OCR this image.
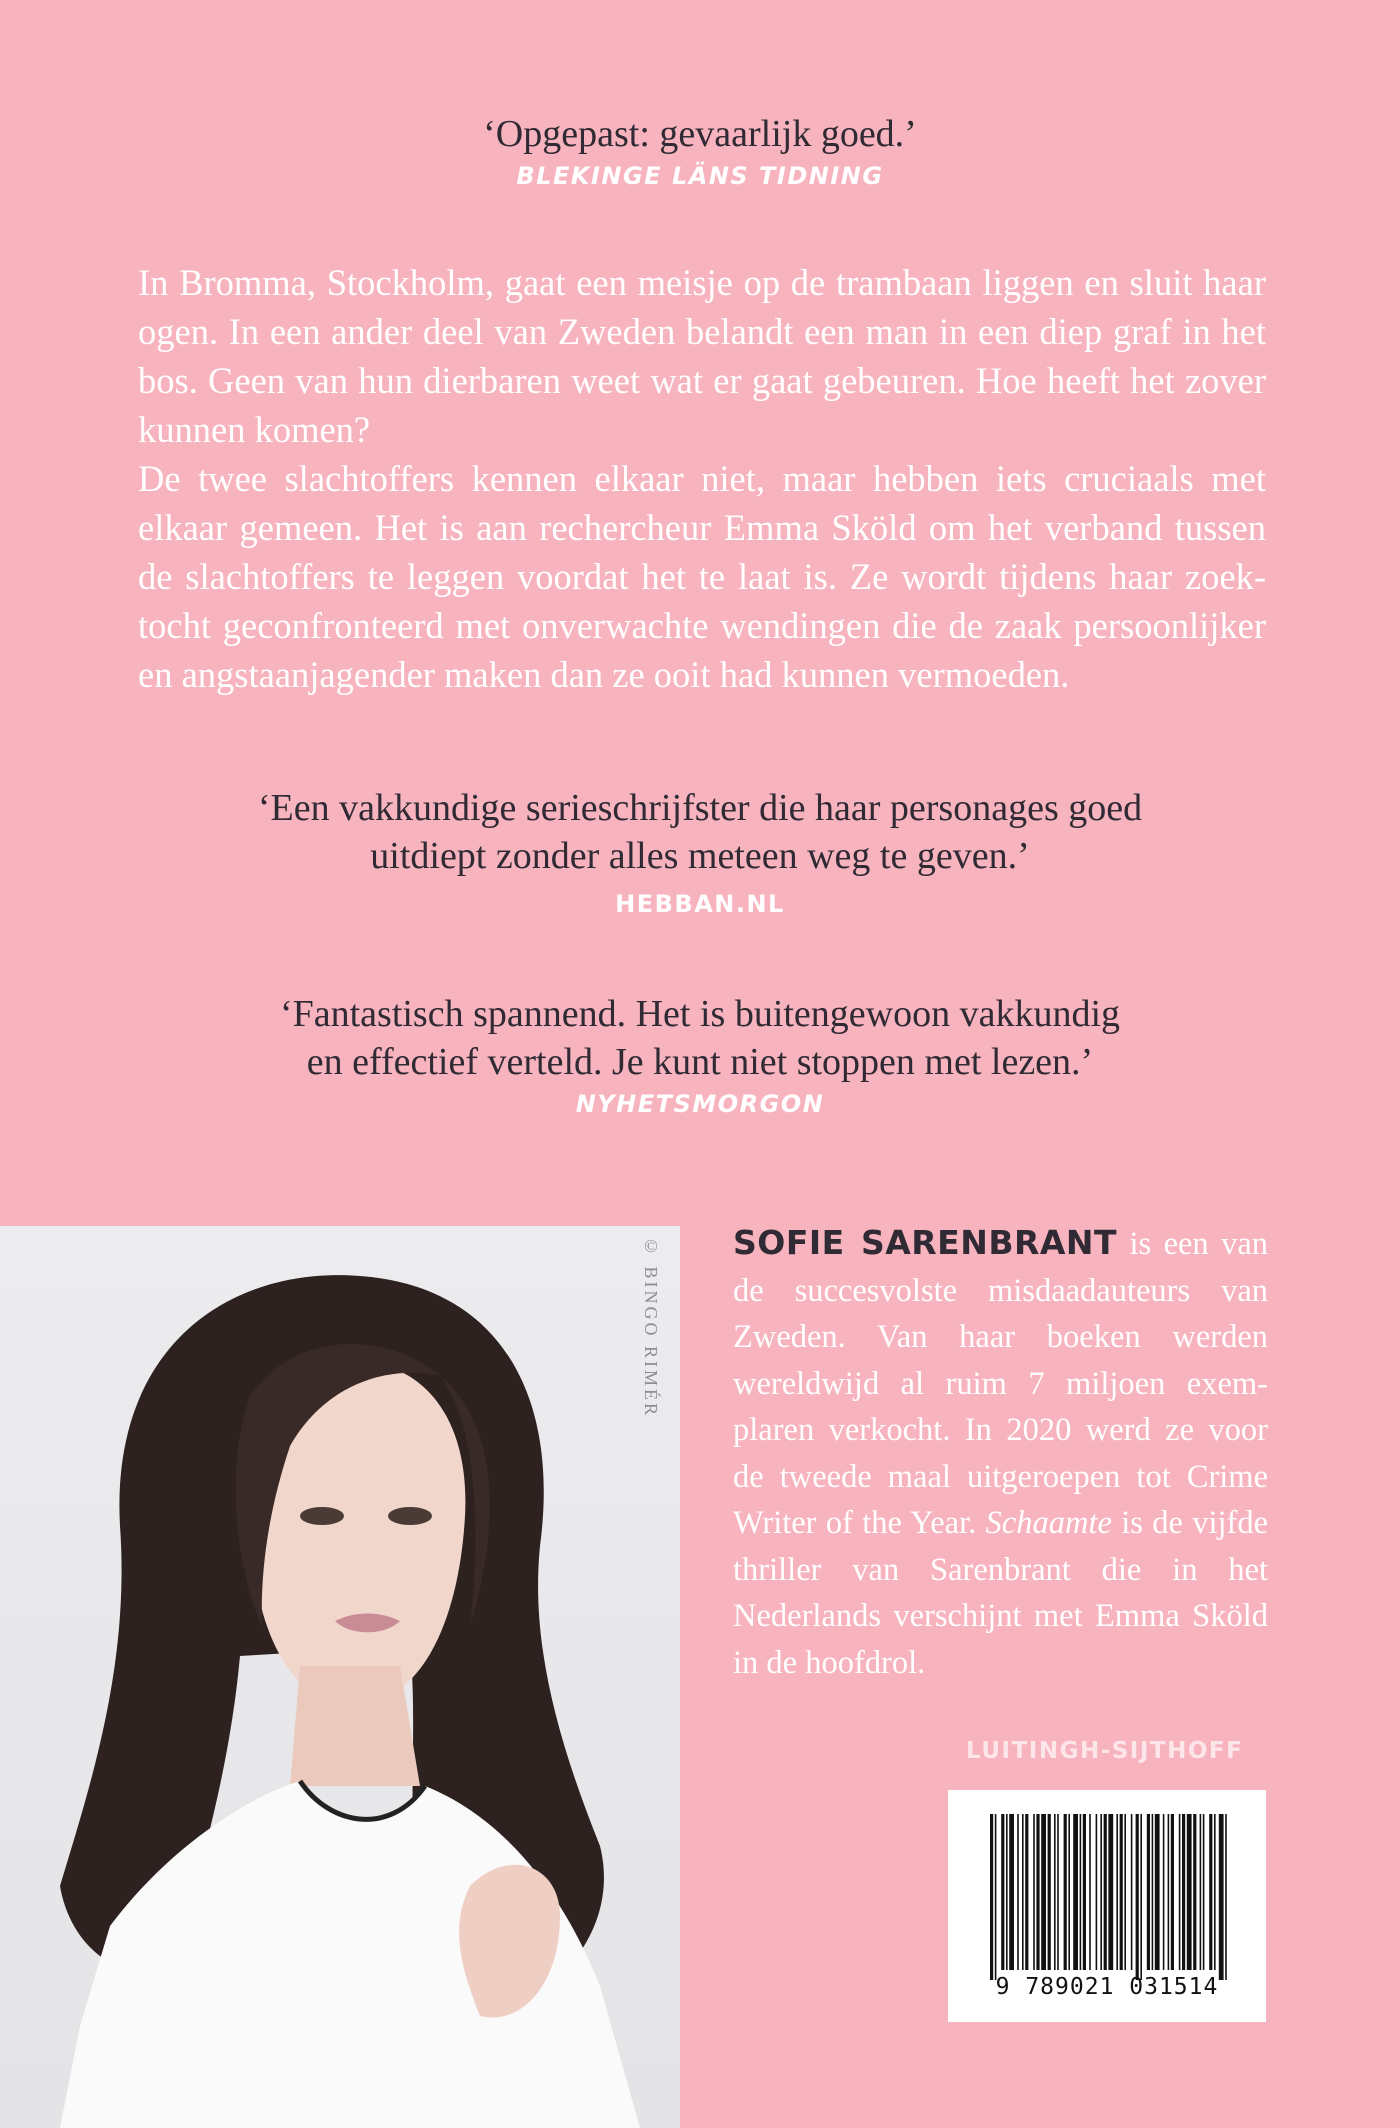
‘Opgepast: gevaarlijk goed.’

BLEKINGE LÄNS TIDNING

In Bromma, Stockholm, gaat een meisje op de trambaan liggen en sluit haar ogen. In een ander deel van Zweden belandt een man in een diep graf in het bos. Geen van hun dierbaren weet wat er gaat gebeuren. Hoe heeft het zover kunnen komen?

De twee slachtoffers kennen elkaar niet, maar hebben iets cruciaals met elkaar gemeen. Het is aan rechercheur Emma Sköld om het verband tussen de slachtoffers te leggen voordat het te laat is. Ze wordt tijdens haar zoek-tocht geconfronteerd met onverwachte wendingen die de zaak persoonlijker en angstaanjagender maken dan ze ooit had kunnen vermoeden.

‘Een vakkundige serieschrijfster die haar personages goed

uitdiept zonder alles meteen weg te geven.’

HEBBAN.NL

‘Fantastisch spannend. Het is buitengewoon vakkundig

en effectief verteld. Je kunt niet stoppen met lezen.’

NYHETSMORGON
© BINGO RIMÉR SOFIE SARENBRANT is een van de succesvolste misdaadauteurs van Zweden. Van haar boeken werden wereldwijd al ruim 7 miljoen exem-plaren verkocht. In 2020 werd ze voor de tweede maal uitgeroepen tot Crime Writer of the Year. Schaamte is de vijfde thriller van Sarenbrant die in het Nederlands verschijnt met Emma Sköld in de hoofdrol.

LUITINGH-SIJTHOFF
9 789021 031514
